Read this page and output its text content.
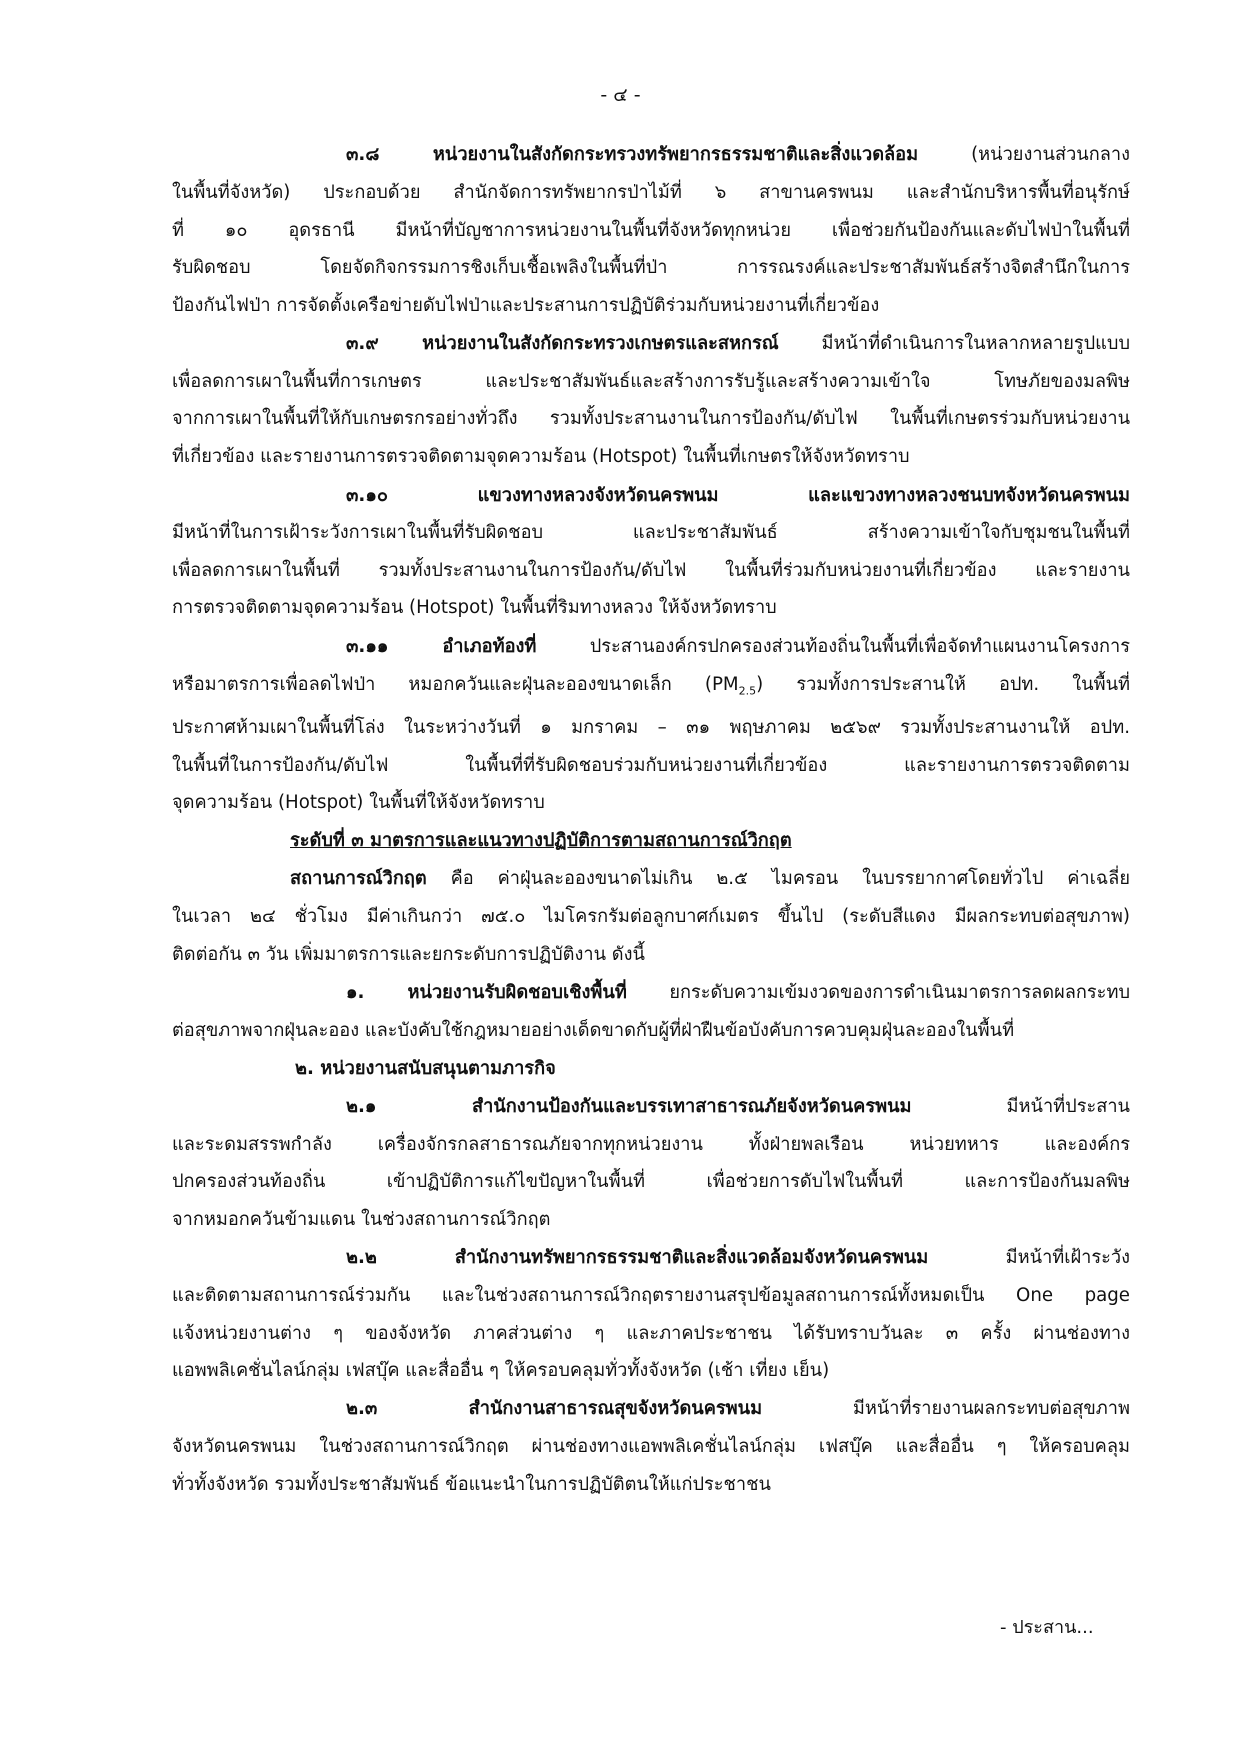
- ๔ -
๓.๘ หน่วยงานในสังกัดกระทรวงทรัพยากรธรรมชาติและสิ่งแวดล้อม (หน่วยงานส่วนกลาง
ในพื้นที่จังหวัด) ประกอบด้วย สำนักจัดการทรัพยากรป่าไม้ที่ ๖ สาขานครพนม และสำนักบริหารพื้นที่อนุรักษ์
ที่ ๑๐ อุดรธานี มีหน้าที่บัญชาการหน่วยงานในพื้นที่จังหวัดทุกหน่วย เพื่อช่วยกันป้องกันและดับไฟป่าในพื้นที่
รับผิดชอบ โดยจัดกิจกรรมการชิงเก็บเชื้อเพลิงในพื้นที่ป่า การรณรงค์และประชาสัมพันธ์สร้างจิตสำนึกในการ
ป้องกันไฟป่า การจัดตั้งเครือข่ายดับไฟป่าและประสานการปฏิบัติร่วมกับหน่วยงานที่เกี่ยวข้อง
๓.๙ หน่วยงานในสังกัดกระทรวงเกษตรและสหกรณ์ มีหน้าที่ดำเนินการในหลากหลายรูปแบบ
เพื่อลดการเผาในพื้นที่การเกษตร และประชาสัมพันธ์และสร้างการรับรู้และสร้างความเข้าใจ โทษภัยของมลพิษ
จากการเผาในพื้นที่ให้กับเกษตรกรอย่างทั่วถึง รวมทั้งประสานงานในการป้องกัน/ดับไฟ ในพื้นที่เกษตรร่วมกับหน่วยงาน
ที่เกี่ยวข้อง และรายงานการตรวจติดตามจุดความร้อน (Hotspot) ในพื้นที่เกษตรให้จังหวัดทราบ
๓.๑๐ แขวงทางหลวงจังหวัดนครพนม และแขวงทางหลวงชนบทจังหวัดนครพนม
มีหน้าที่ในการเฝ้าระวังการเผาในพื้นที่รับผิดชอบ และประชาสัมพันธ์ สร้างความเข้าใจกับชุมชนในพื้นที่
เพื่อลดการเผาในพื้นที่ รวมทั้งประสานงานในการป้องกัน/ดับไฟ ในพื้นที่ร่วมกับหน่วยงานที่เกี่ยวข้อง และรายงาน
การตรวจติดตามจุดความร้อน (Hotspot) ในพื้นที่ริมทางหลวง ให้จังหวัดทราบ
๓.๑๑ อำเภอท้องที่ ประสานองค์กรปกครองส่วนท้องถิ่นในพื้นที่เพื่อจัดทำแผนงานโครงการ
หรือมาตรการเพื่อลดไฟป่า หมอกควันและฝุ่นละอองขนาดเล็ก $(PM_{2.5})$ รวมทั้งการประสานให้ อปท. ในพื้นที่
ประกาศห้ามเผาในพื้นที่โล่ง ในระหว่างวันที่ ๑ มกราคม – ๓๑ พฤษภาคม ๒๕๖๙ รวมทั้งประสานงานให้ อปท.
ในพื้นที่ในการป้องกัน/ดับไฟ ในพื้นที่ที่รับผิดชอบร่วมกับหน่วยงานที่เกี่ยวข้อง และรายงานการตรวจติดตาม
จุดความร้อน (Hotspot) ในพื้นที่ให้จังหวัดทราบ
ระดับที่ ๓ มาตรการและแนวทางปฏิบัติการตามสถานการณ์วิกฤต
สถานการณ์วิกฤต คือ ค่าฝุ่นละอองขนาดไม่เกิน ๒.๕ ไมครอน ในบรรยากาศโดยทั่วไป ค่าเฉลี่ย
ในเวลา ๒๔ ชั่วโมง มีค่าเกินกว่า ๗๕.๐ ไมโครกรัมต่อลูกบาศก์เมตร ขึ้นไป (ระดับสีแดง มีผลกระทบต่อสุขภาพ)
ติดต่อกัน ๓ วัน เพิ่มมาตรการและยกระดับการปฏิบัติงาน ดังนี้
๑. หน่วยงานรับผิดชอบเชิงพื้นที่ ยกระดับความเข้มงวดของการดำเนินมาตรการลดผลกระทบ
ต่อสุขภาพจากฝุ่นละออง และบังคับใช้กฎหมายอย่างเด็ดขาดกับผู้ที่ฝ่าฝืนข้อบังคับการควบคุมฝุ่นละอองในพื้นที่
๒. หน่วยงานสนับสนุนตามภารกิจ
๒.๑ สำนักงานป้องกันและบรรเทาสาธารณภัยจังหวัดนครพนม มีหน้าที่ประสาน
และระดมสรรพกำลัง เครื่องจักรกลสาธารณภัยจากทุกหน่วยงาน ทั้งฝ่ายพลเรือน หน่วยทหาร และองค์กร
ปกครองส่วนท้องถิ่น เข้าปฏิบัติการแก้ไขปัญหาในพื้นที่ เพื่อช่วยการดับไฟในพื้นที่ และการป้องกันมลพิษ
จากหมอกควันข้ามแดน ในช่วงสถานการณ์วิกฤต
๒.๒ สำนักงานทรัพยากรธรรมชาติและสิ่งแวดล้อมจังหวัดนครพนม มีหน้าที่เฝ้าระวัง
และติดตามสถานการณ์ร่วมกัน และในช่วงสถานการณ์วิกฤตรายงานสรุปข้อมูลสถานการณ์ทั้งหมดเป็น One page
แจ้งหน่วยงานต่าง ๆ ของจังหวัด ภาคส่วนต่าง ๆ และภาคประชาชน ได้รับทราบวันละ ๓ ครั้ง ผ่านช่องทาง
แอพพลิเคชั่นไลน์กลุ่ม เฟสบุ๊ค และสื่ออื่น ๆ ให้ครอบคลุมทั่วทั้งจังหวัด (เช้า เที่ยง เย็น)
๒.๓ สำนักงานสาธารณสุขจังหวัดนครพนม มีหน้าที่รายงานผลกระทบต่อสุขภาพ
จังหวัดนครพนม ในช่วงสถานการณ์วิกฤต ผ่านช่องทางแอพพลิเคชั่นไลน์กลุ่ม เฟสบุ๊ค และสื่ออื่น ๆ ให้ครอบคลุม
ทั่วทั้งจังหวัด รวมทั้งประชาสัมพันธ์ ข้อแนะนำในการปฏิบัติตนให้แก่ประชาชน
- ประสาน...
